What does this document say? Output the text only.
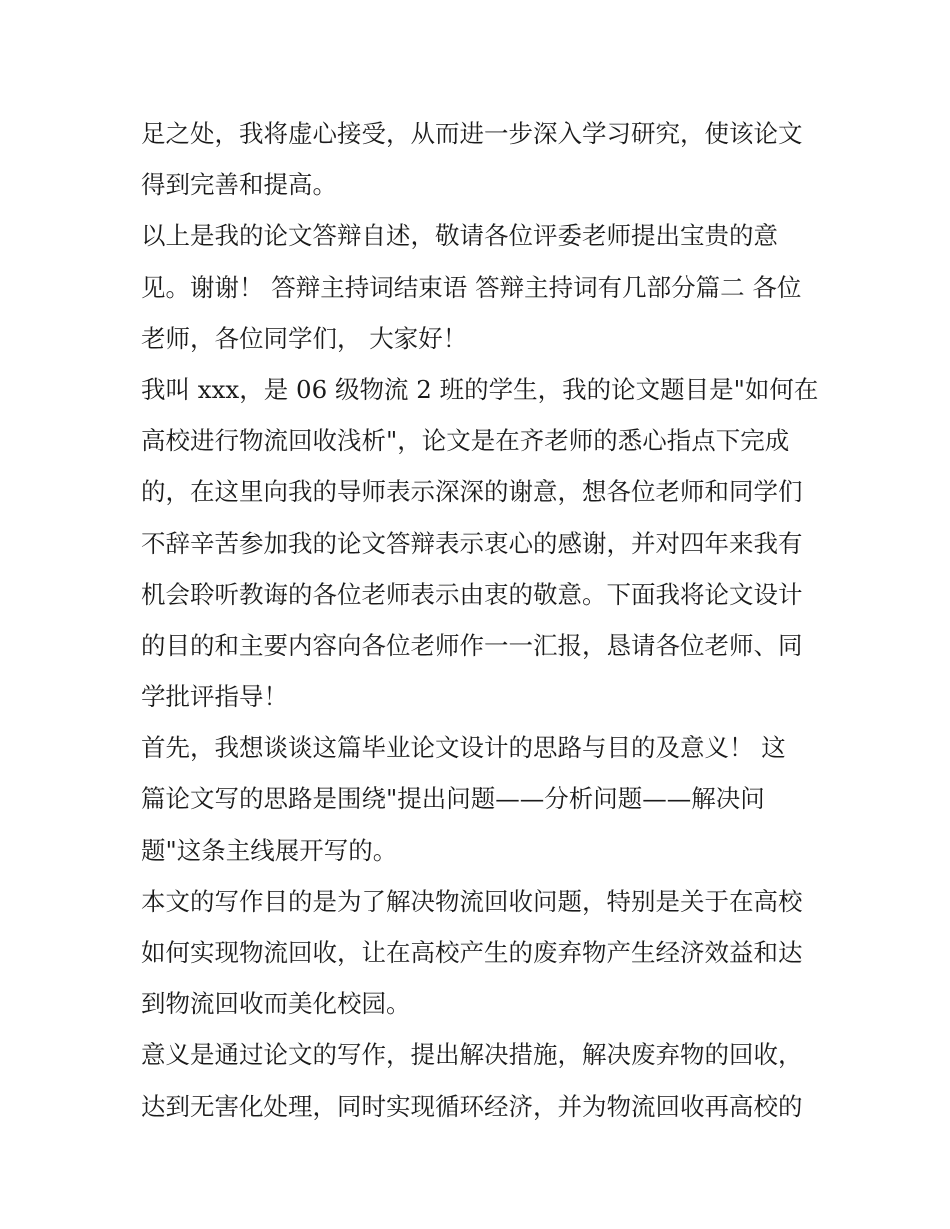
足之处，我将虚心接受，从而进一步深入学习研究，使该论文
得到完善和提高。

以上是我的论文答辩自述，敬请各位评委老师提出宝贵的意
见。谢谢！ 答辩主持词结束语 答辩主持词有几部分篇二 各位
老师，各位同学们， 大家好！

我叫 xxx，是 06 级物流 2 班的学生，我的论文题目是"如何在
高校进行物流回收浅析"，论文是在齐老师的悉心指点下完成
的，在这里向我的导师表示深深的谢意，想各位老师和同学们
不辞辛苦参加我的论文答辩表示衷心的感谢，并对四年来我有
机会聆听教诲的各位老师表示由衷的敬意。下面我将论文设计
的目的和主要内容向各位老师作一一汇报，恳请各位老师、同
学批评指导！

首先，我想谈谈这篇毕业论文设计的思路与目的及意义！ 这
篇论文写的思路是围绕"提出问题——分析问题——解决问
题"这条主线展开写的。

本文的写作目的是为了解决物流回收问题，特别是关于在高校
如何实现物流回收，让在高校产生的废弃物产生经济效益和达
到物流回收而美化校园。

意义是通过论文的写作，提出解决措施，解决废弃物的回收，
达到无害化处理，同时实现循环经济，并为物流回收再高校的
